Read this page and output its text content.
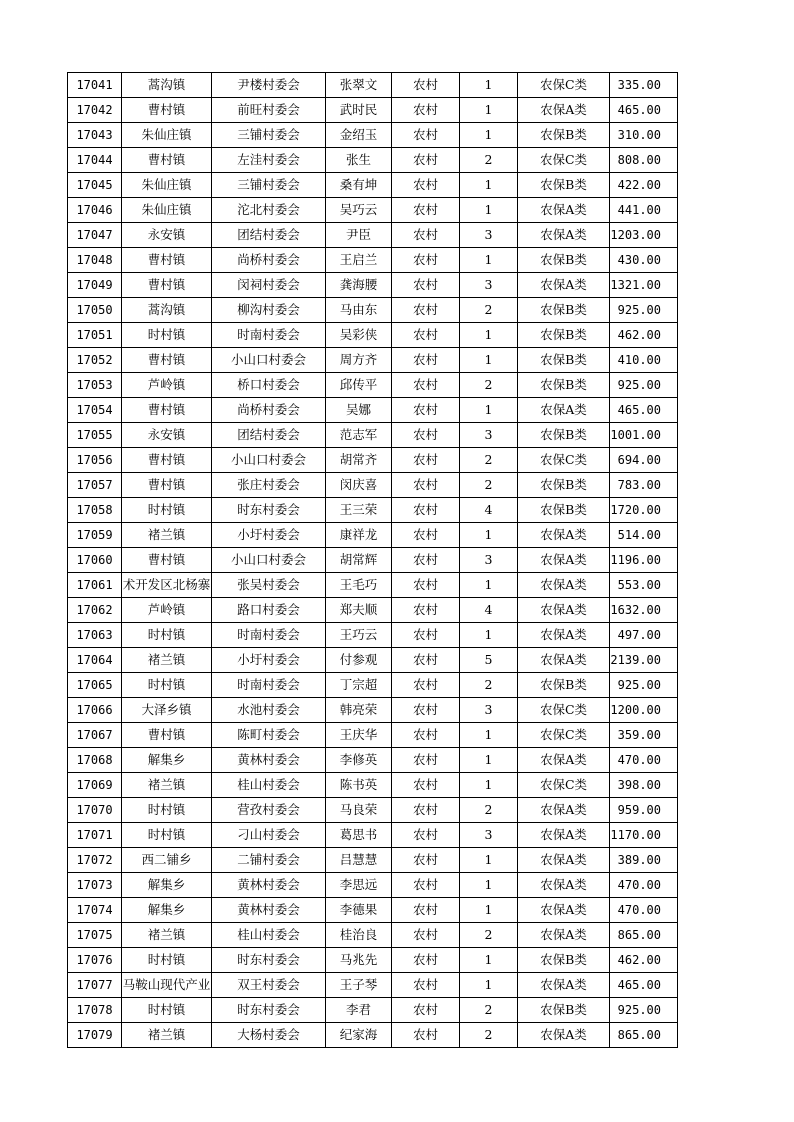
17041	蒿沟镇	尹楼村委会	张翠文	农村	1	农保C类	335.00
17042	曹村镇	前旺村委会	武时民	农村	1	农保A类	465.00
17043	朱仙庄镇	三铺村委会	金绍玉	农村	1	农保B类	310.00
17044	曹村镇	左洼村委会	张生	农村	2	农保C类	808.00
17045	朱仙庄镇	三铺村委会	桑有坤	农村	1	农保B类	422.00
17046	朱仙庄镇	沱北村委会	吴巧云	农村	1	农保A类	441.00
17047	永安镇	团结村委会	尹臣	农村	3	农保A类	1203.00
17048	曹村镇	尚桥村委会	王启兰	农村	1	农保B类	430.00
17049	曹村镇	闵祠村委会	龚海腰	农村	3	农保A类	1321.00
17050	蒿沟镇	柳沟村委会	马由东	农村	2	农保B类	925.00
17051	时村镇	时南村委会	吴彩侠	农村	1	农保B类	462.00
17052	曹村镇	小山口村委会	周方齐	农村	1	农保B类	410.00
17053	芦岭镇	桥口村委会	邱传平	农村	2	农保B类	925.00
17054	曹村镇	尚桥村委会	吴娜	农村	1	农保A类	465.00
17055	永安镇	团结村委会	范志军	农村	3	农保B类	1001.00
17056	曹村镇	小山口村委会	胡常齐	农村	2	农保C类	694.00
17057	曹村镇	张庄村委会	闵庆喜	农村	2	农保B类	783.00
17058	时村镇	时东村委会	王三荣	农村	4	农保B类	1720.00
17059	褚兰镇	小圩村委会	康祥龙	农村	1	农保A类	514.00
17060	曹村镇	小山口村委会	胡常辉	农村	3	农保A类	1196.00
17061	术开发区北杨寨	张吴村委会	王毛巧	农村	1	农保A类	553.00
17062	芦岭镇	路口村委会	郑夫顺	农村	4	农保A类	1632.00
17063	时村镇	时南村委会	王巧云	农村	1	农保A类	497.00
17064	褚兰镇	小圩村委会	付参观	农村	5	农保A类	2139.00
17065	时村镇	时南村委会	丁宗超	农村	2	农保B类	925.00
17066	大泽乡镇	水池村委会	韩亮荣	农村	3	农保C类	1200.00
17067	曹村镇	陈町村委会	王庆华	农村	1	农保C类	359.00
17068	解集乡	黄林村委会	李修英	农村	1	农保A类	470.00
17069	褚兰镇	桂山村委会	陈书英	农村	1	农保C类	398.00
17070	时村镇	营孜村委会	马良荣	农村	2	农保A类	959.00
17071	时村镇	刁山村委会	葛思书	农村	3	农保A类	1170.00
17072	西二铺乡	二铺村委会	吕慧慧	农村	1	农保A类	389.00
17073	解集乡	黄林村委会	李思远	农村	1	农保A类	470.00
17074	解集乡	黄林村委会	李德果	农村	1	农保A类	470.00
17075	褚兰镇	桂山村委会	桂治良	农村	2	农保A类	865.00
17076	时村镇	时东村委会	马兆先	农村	1	农保B类	462.00
17077	马鞍山现代产业	双王村委会	王子琴	农村	1	农保A类	465.00
17078	时村镇	时东村委会	李君	农村	2	农保B类	925.00
17079	褚兰镇	大杨村委会	纪家海	农村	2	农保A类	865.00
